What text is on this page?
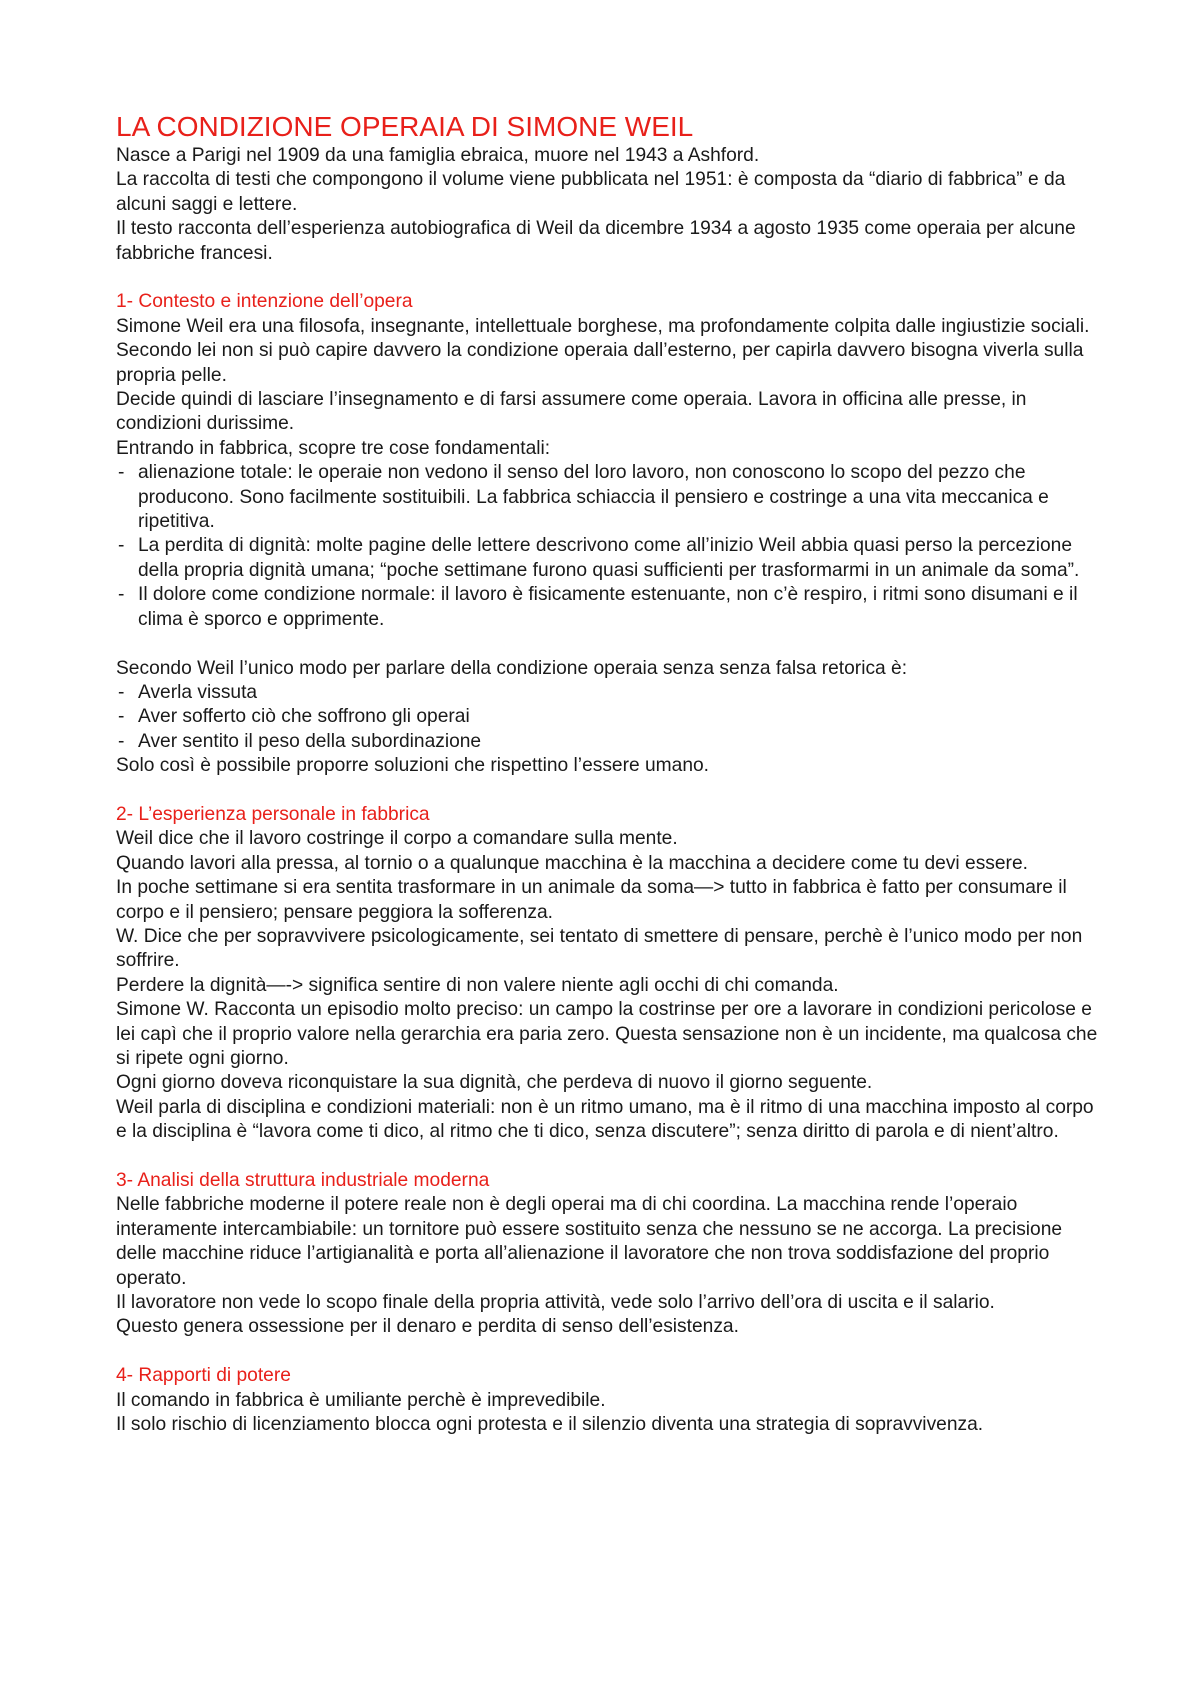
LA CONDIZIONE OPERAIA DI SIMONE WEIL

Nasce a Parigi nel 1909 da una famiglia ebraica, muore nel 1943 a Ashford.

La raccolta di testi che compongono il volume viene pubblicata nel 1951: è composta da “diario di fabbrica” e da alcuni saggi e lettere.

Il testo racconta dell’esperienza autobiografica di Weil da dicembre 1934 a agosto 1935 come operaia per alcune fabbriche francesi.

1- Contesto e intenzione dell’opera

Simone Weil era una filosofa, insegnante, intellettuale borghese, ma profondamente colpita dalle ingiustizie sociali.

Secondo lei non si può capire davvero la condizione operaia dall’esterno, per capirla davvero bisogna viverla sulla propria pelle.

Decide quindi di lasciare l’insegnamento e di farsi assumere come operaia. Lavora in officina alle presse, in condizioni durissime.

Entrando in fabbrica, scopre tre cose fondamentali:

- alienazione totale: le operaie non vedono il senso del loro lavoro, non conoscono lo scopo del pezzo che producono. Sono facilmente sostituibili. La fabbrica schiaccia il pensiero e costringe a una vita meccanica e ripetitiva.
- La perdita di dignità: molte pagine delle lettere descrivono come all’inizio Weil abbia quasi perso la percezione della propria dignità umana; “poche settimane furono quasi sufficienti per trasformarmi in un animale da soma”.
- Il dolore come condizione normale: il lavoro è fisicamente estenuante, non c’è respiro, i ritmi sono disumani e il clima è sporco e opprimente.

Secondo Weil l’unico modo per parlare della condizione operaia senza senza falsa retorica è:

- Averla vissuta
- Aver sofferto ciò che soffrono gli operai
- Aver sentito il peso della subordinazione

Solo così è possibile proporre soluzioni che rispettino l’essere umano.

2- L’esperienza personale in fabbrica

Weil dice che il lavoro costringe il corpo a comandare sulla mente.

Quando lavori alla pressa, al tornio o a qualunque macchina è la macchina a decidere come tu devi essere.

In poche settimane si era sentita trasformare in un animale da soma—> tutto in fabbrica è fatto per consumare il corpo e il pensiero; pensare peggiora la sofferenza.

W. Dice che per sopravvivere psicologicamente, sei tentato di smettere di pensare, perchè è l’unico modo per non soffrire.

Perdere la dignità—-> significa sentire di non valere niente agli occhi di chi comanda.

Simone W. Racconta un episodio molto preciso: un campo la costrinse per ore a lavorare in condizioni pericolose e lei capì che il proprio valore nella gerarchia era paria zero. Questa sensazione non è un incidente, ma qualcosa che si ripete ogni giorno.

Ogni giorno doveva riconquistare la sua dignità, che perdeva di nuovo il giorno seguente.

Weil parla di disciplina e condizioni materiali: non è un ritmo umano, ma è il ritmo di una macchina imposto al corpo e la disciplina è “lavora come ti dico, al ritmo che ti dico, senza discutere”; senza diritto di parola e di nient’altro.

3- Analisi della struttura industriale moderna

Nelle fabbriche moderne il potere reale non è degli operai ma di chi coordina. La macchina rende l’operaio interamente intercambiabile: un tornitore può essere sostituito senza che nessuno se ne accorga. La precisione delle macchine riduce l’artigianalità e porta all’alienazione il lavoratore che non trova soddisfazione del proprio operato.

Il lavoratore non vede lo scopo finale della propria attività, vede solo l’arrivo dell’ora di uscita e il salario.

Questo genera ossessione per il denaro e perdita di senso dell’esistenza.

4- Rapporti di potere

Il comando in fabbrica è umiliante perchè è imprevedibile.

Il solo rischio di licenziamento blocca ogni protesta e il silenzio diventa una strategia di sopravvivenza.
